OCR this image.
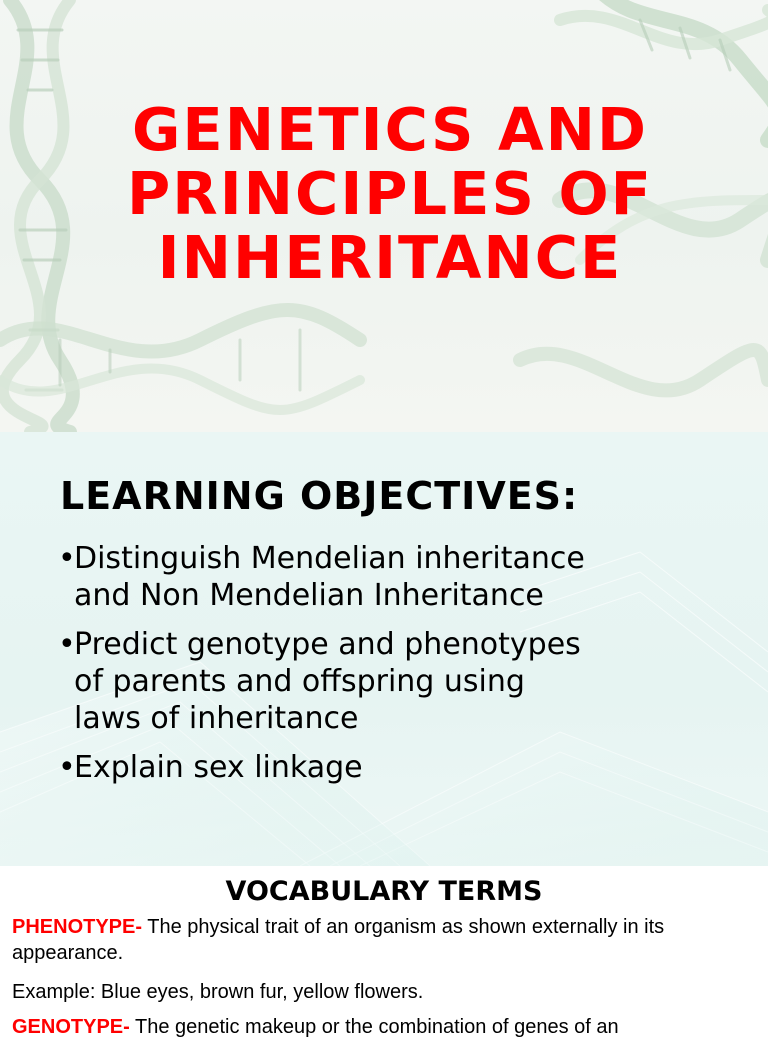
GENETICS AND
PRINCIPLES OF
INHERITANCE
LEARNING OBJECTIVES:
•
Distinguish Mendelian inheritance
and Non Mendelian Inheritance
•
Predict genotype and phenotypes
of parents and offspring using
laws of inheritance
•
Explain sex linkage
VOCABULARY TERMS
PHENOTYPE- The physical trait of an organism as shown externally in its appearance.
Example: Blue eyes, brown fur, yellow flowers.
GENOTYPE- The genetic makeup or the combination of genes of an
